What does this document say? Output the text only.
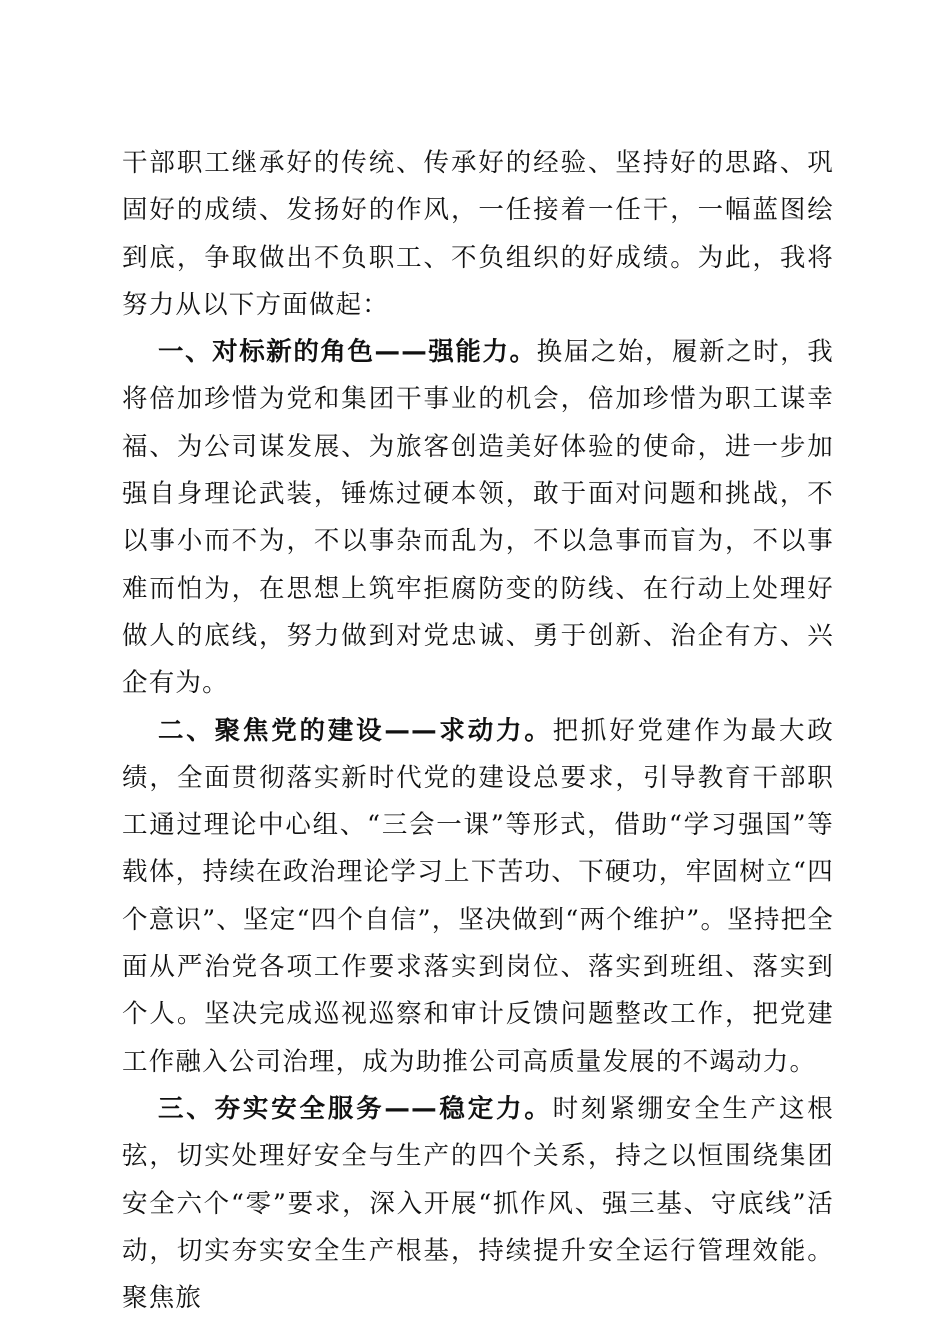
干部职工继承好的传统、传承好的经验、坚持好的思路、巩固好的成绩、发扬好的作风，一任接着一任干，一幅蓝图绘到底，争取做出不负职工、不负组织的好成绩。为此，我将努力从以下方面做起：

一、对标新的角色——强能力。换届之始，履新之时，我将倍加珍惜为党和集团干事业的机会，倍加珍惜为职工谋幸福、为公司谋发展、为旅客创造美好体验的使命，进一步加强自身理论武装，锤炼过硬本领，敢于面对问题和挑战，不以事小而不为，不以事杂而乱为，不以急事而盲为，不以事难而怕为，在思想上筑牢拒腐防变的防线、在行动上处理好做人的底线，努力做到对党忠诚、勇于创新、治企有方、兴企有为。

二、聚焦党的建设——求动力。把抓好党建作为最大政绩，全面贯彻落实新时代党的建设总要求，引导教育干部职工通过理论中心组、“三会一课”等形式，借助“学习强国”等载体，持续在政治理论学习上下苦功、下硬功，牢固树立“四个意识”、坚定“四个自信”，坚决做到“两个维护”。坚持把全面从严治党各项工作要求落实到岗位、落实到班组、落实到个人。坚决完成巡视巡察和审计反馈问题整改工作，把党建工作融入公司治理，成为助推公司高质量发展的不竭动力。

三、夯实安全服务——稳定力。时刻紧绷安全生产这根弦，切实处理好安全与生产的四个关系，持之以恒围绕集团安全六个“零”要求，深入开展“抓作风、强三基、守底线”活动，切实夯实安全生产根基，持续提升安全运行管理效能。聚焦旅
